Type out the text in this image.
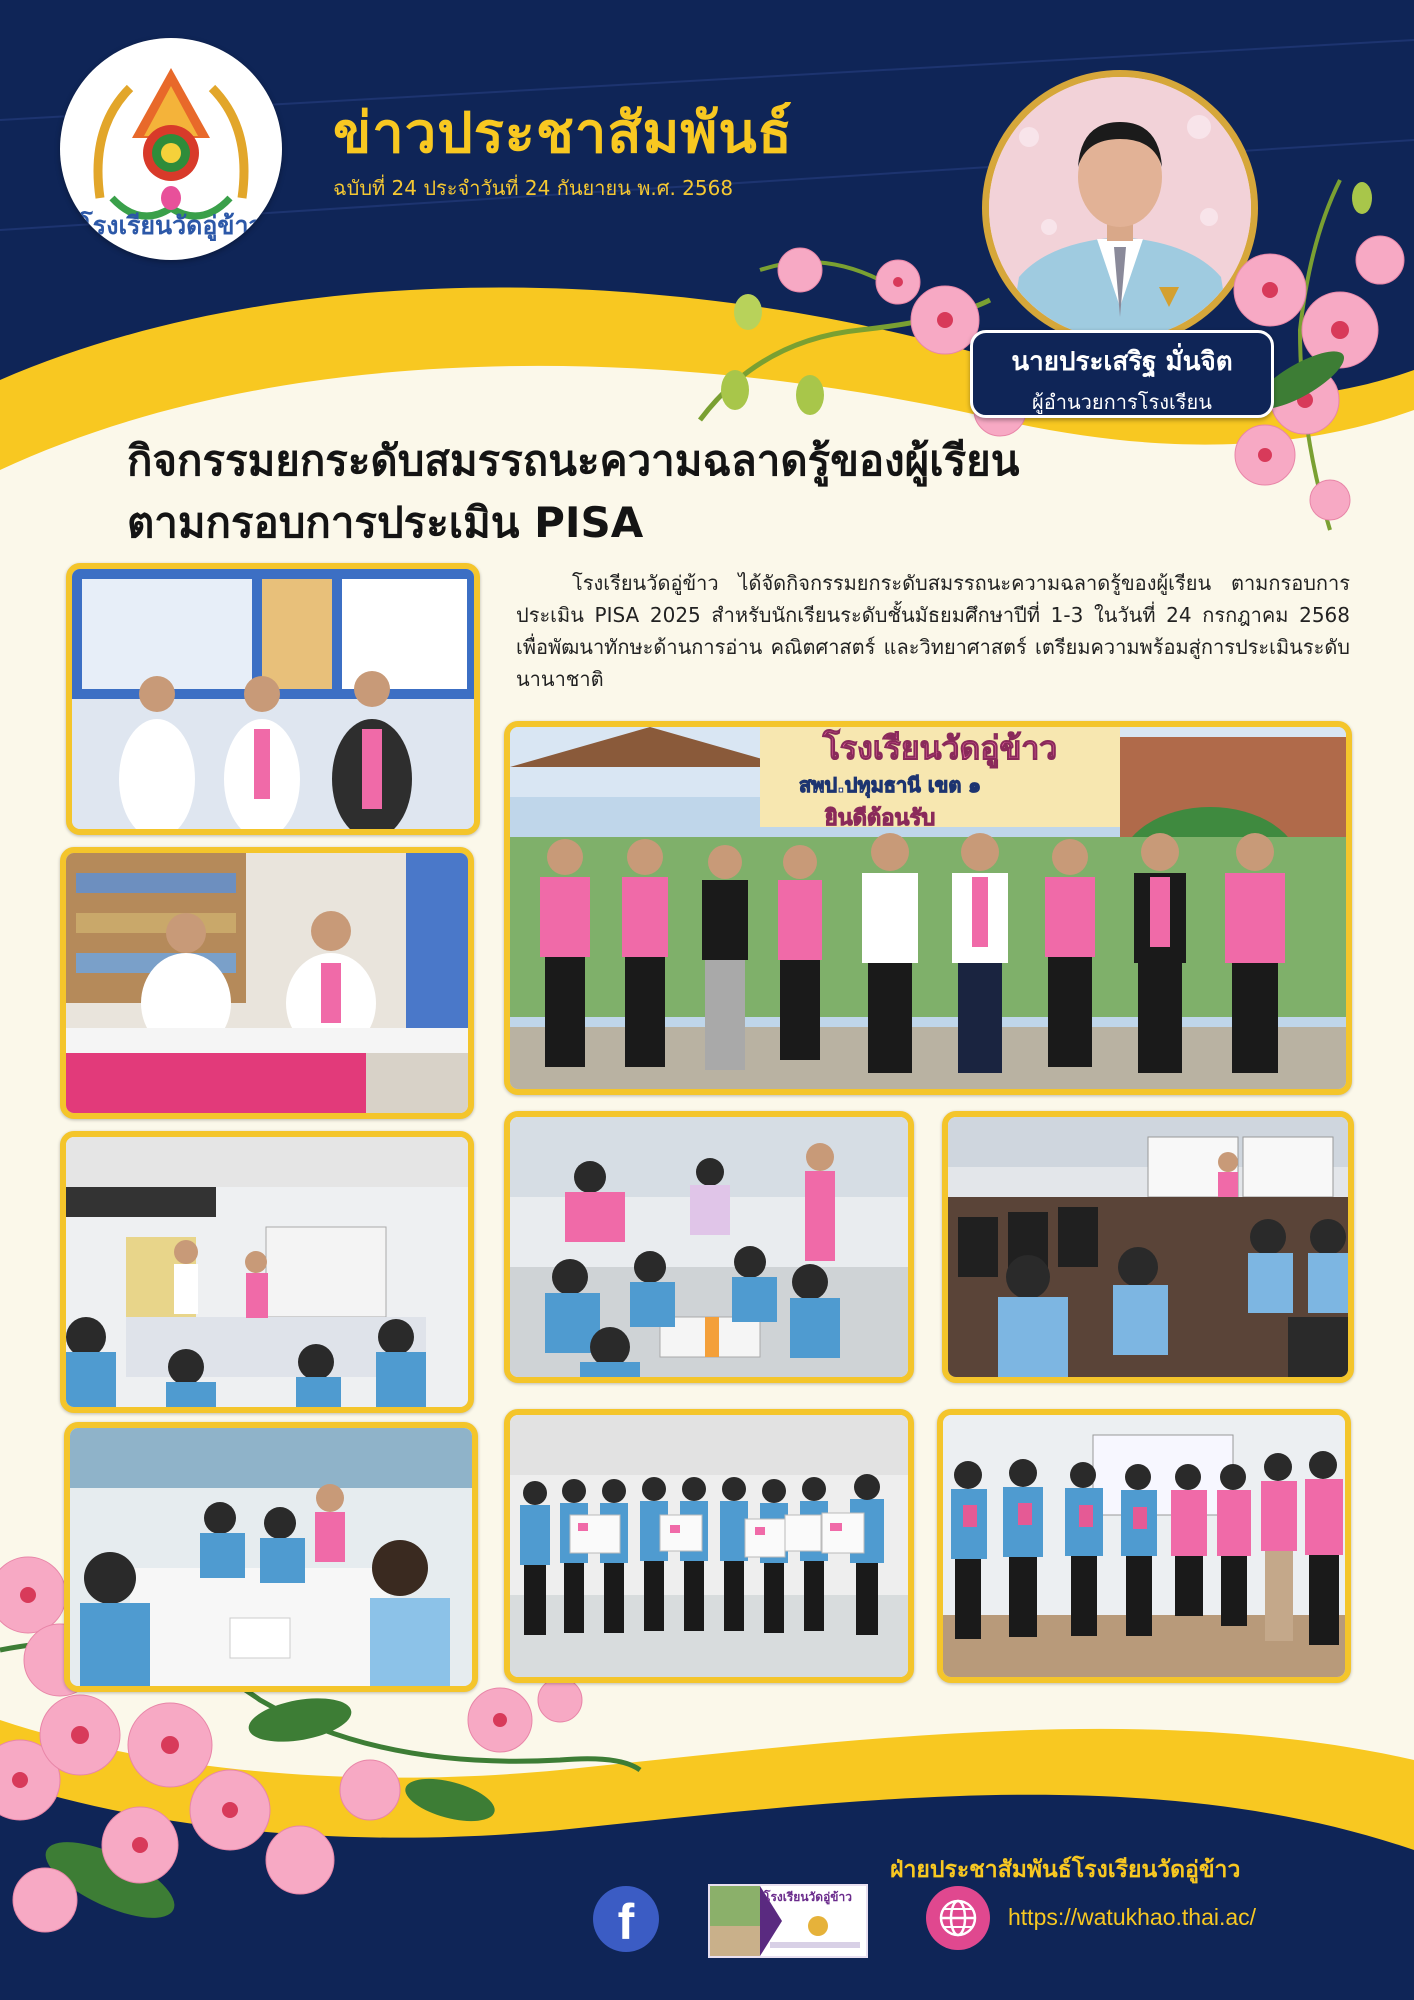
โรงเรียนวัดอู่ข้าว
ข่าวประชาสัมพันธ์
ฉบับที่ 24 ประจำวันที่ 24 กันยายน พ.ศ. 2568
นายประเสริฐ มั่นจิต
ผู้อำนวยการโรงเรียน
กิจกรรมยกระดับสมรรถนะความฉลาดรู้ของผู้เรียน
ตามกรอบการประเมิน PISA

โรงเรียนวัดอู่ข้าว ได้จัดกิจกรรมยกระดับสมรรถนะความฉลาดรู้ของผู้เรียน ตามกรอบการประเมิน PISA 2025 สำหรับนักเรียนระดับชั้นมัธยมศึกษาปีที่ 1-3 ในวันที่ 24 กรกฎาคม 2568 เพื่อพัฒนาทักษะด้านการอ่าน คณิตศาสตร์ และวิทยาศาสตร์ เตรียมความพร้อมสู่การประเมินระดับนานาชาติ

โรงเรียนวัดอู่ข้าว
สพป.ปทุมธานี เขต ๑
ยินดีต้อนรับ
ฝ่ายประชาสัมพันธ์โรงเรียนวัดอู่ข้าว
f	โรงเรียนวัดอู่ข้าว
https://watukhao.thai.ac/
